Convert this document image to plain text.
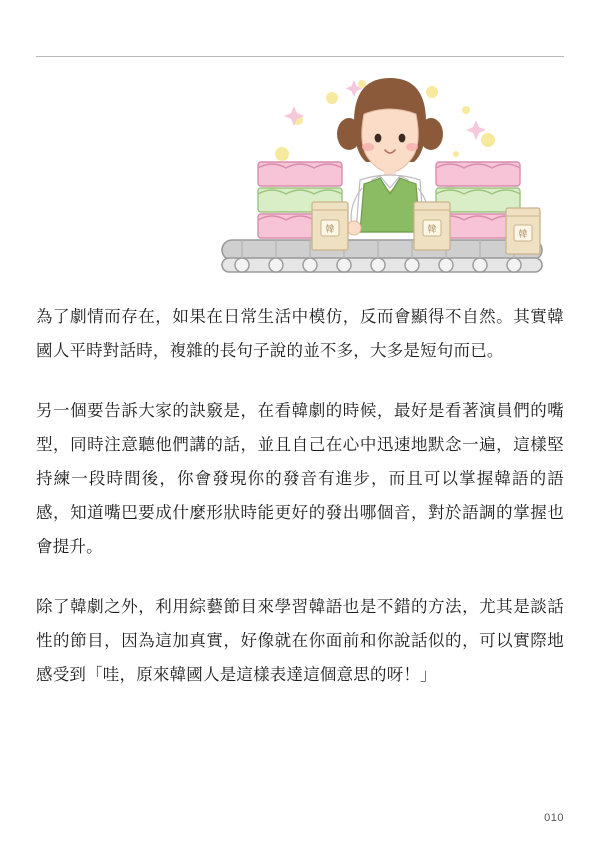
韓	韓	韓

為了劇情而存在，如果在日常生活中模仿，反而會顯得不自然。其實韓國人平時對話時，複雜的長句子說的並不多，大多是短句而已。

另一個要告訴大家的訣竅是，在看韓劇的時候，最好是看著演員們的嘴型，同時注意聽他們講的話，並且自己在心中迅速地默念一遍，這樣堅持練一段時間後，你會發現你的發音有進步，而且可以掌握韓語的語感，知道嘴巴要成什麼形狀時能更好的發出哪個音，對於語調的掌握也會提升。

除了韓劇之外，利用綜藝節目來學習韓語也是不錯的方法，尤其是談話性的節目，因為這加真實，好像就在你面前和你說話似的，可以實際地感受到「哇，原來韓國人是這樣表達這個意思的呀！」

010
